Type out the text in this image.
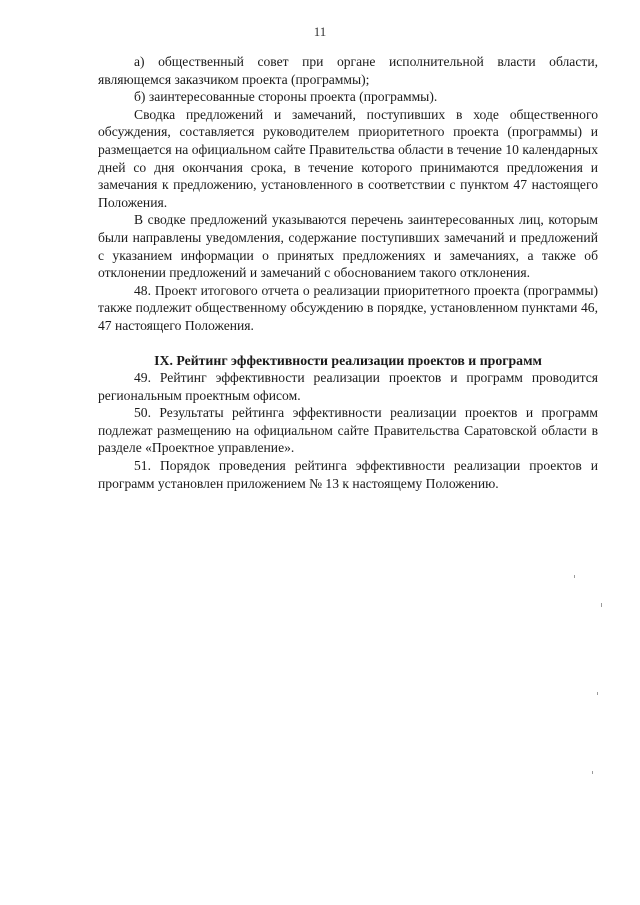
11

а) общественный совет при органе исполнительной власти области, являющемся заказчиком проекта (программы);

б) заинтересованные стороны проекта (программы).

Сводка предложений и замечаний, поступивших в ходе общественного обсуждения, составляется руководителем приоритетного проекта (программы) и размещается на официальном сайте Правительства области в течение 10 календарных дней со дня окончания срока, в течение которого принимаются предложения и замечания к предложению, установленного в соответствии с пунктом 47 настоящего Положения.

В сводке предложений указываются перечень заинтересованных лиц, которым были направлены уведомления, содержание поступивших замечаний и предложений с указанием информации о принятых предложениях и замечаниях, а также об отклонении предложений и замечаний с обоснованием такого отклонения.

48. Проект итогового отчета о реализации приоритетного проекта (программы) также подлежит общественному обсуждению в порядке, установленном пунктами 46, 47 настоящего Положения.

IX. Рейтинг эффективности реализации проектов и программ

49. Рейтинг эффективности реализации проектов и программ проводится региональным проектным офисом.

50. Результаты рейтинга эффективности реализации проектов и программ подлежат размещению на официальном сайте Правительства Саратовской области в разделе «Проектное управление».

51. Порядок проведения рейтинга эффективности реализации проектов и программ установлен приложением № 13 к настоящему Положению.
